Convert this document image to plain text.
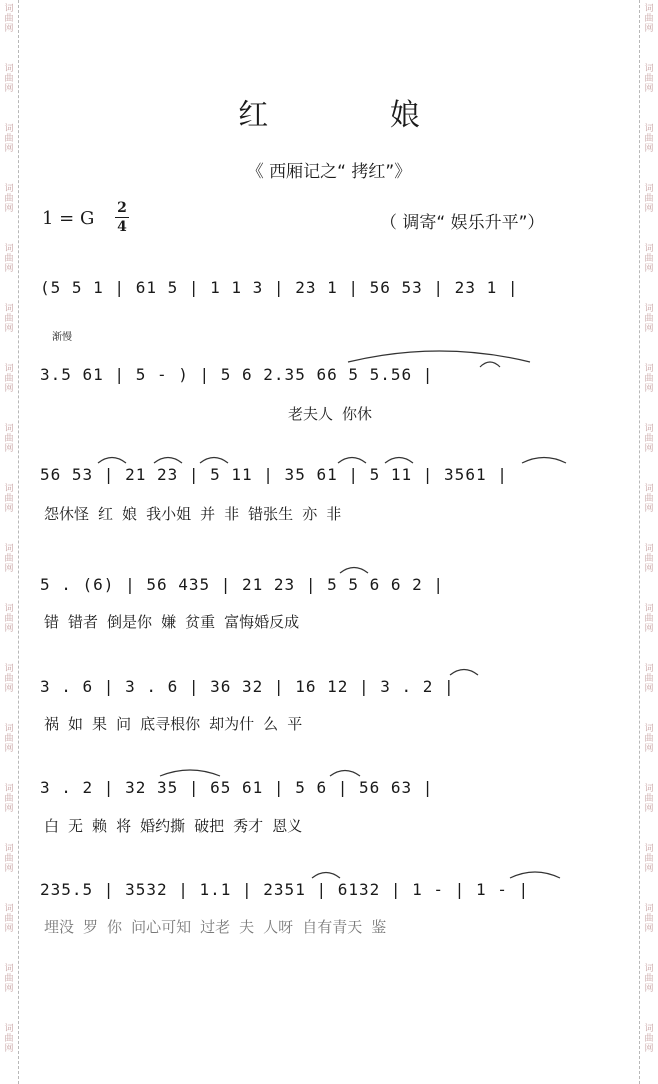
词
曲
网
词
曲
网
词
曲
网
词
曲
网
词
曲
网
词
曲
网
词
曲
网
词
曲
网
词
曲
网
词
曲
网
词
曲
网
词
曲
网
词
曲
网
词
曲
网
词
曲
网
词
曲
网
词
曲
网
词
曲
网
词
曲
网
词
曲
网
词
曲
网
词
曲
网
词
曲
网
词
曲
网
词
曲
网
词
曲
网
词
曲
网
词
曲
网
词
曲
网
词
曲
网
词
曲
网
词
曲
网
词
曲
网
词
曲
网
词
曲
网
词
曲
网
红 娘
《 西厢记之“ 拷红”》
1 = G 2
4	（ 调寄“ 娱乐升平”）
渐慢
(5 5 1 | 61 5 | 1 1 3 | 23 1 | 56 53 | 23 1 |
3.5 61 | 5 - ) | 5 6 2.35 66 5 5.56 |
老夫人 你休
56 53 | 21 23 | 5 11 | 35 61 | 5 11 | 3561 |
怨休怪 红 娘 我小姐 并 非 错张生 亦 非
5 . (6) | 56 435 | 21 23 | 5 5 6 6 2 |
错 错者 倒是你 嫌 贫重 富悔婚反成
3 . 6 | 3 . 6 | 36 32 | 16 12 | 3 . 2 |
祸 如 果 问 底寻根你 却为什 么 平
3 . 2 | 32 35 | 65 61 | 5 6 | 56 63 |
白 无 赖 将 婚约撕 破把 秀才 恩义
235.5 | 3532 | 1.1 | 2351 | 6132 | 1 - | 1 - |
埋没 罗 你 问心可知 过老 夫 人呀 自有青天 鉴
